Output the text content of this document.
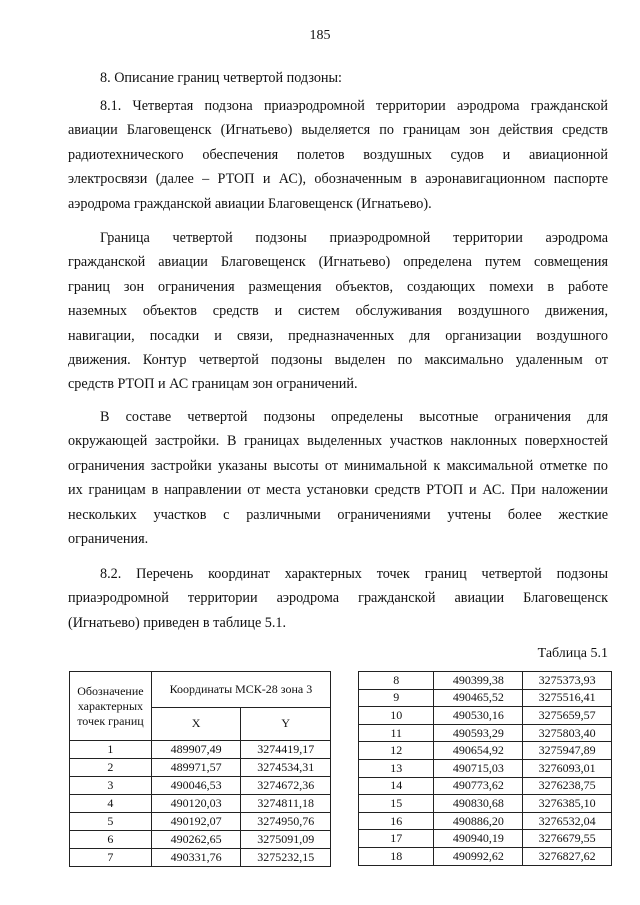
185
8. Описание границ четвертой подзоны:
8.1. Четвертая подзона приаэродромной территории аэродрома гражданской
авиации Благовещенск (Игнатьево) выделяется по границам зон действия средств
радиотехнического обеспечения полетов воздушных судов и авиационной
электросвязи (далее – РТОП и АС), обозначенным в аэронавигационном паспорте
аэродрома гражданской авиации Благовещенск (Игнатьево).
Граница четвертой подзоны приаэродромной территории аэродрома
гражданской авиации Благовещенск (Игнатьево) определена путем совмещения
границ зон ограничения размещения объектов, создающих помехи в работе
наземных объектов средств и систем обслуживания воздушного движения,
навигации, посадки и связи, предназначенных для организации воздушного
движения. Контур четвертой подзоны выделен по максимально удаленным от
средств РТОП и АС границам зон ограничений.
В составе четвертой подзоны определены высотные ограничения для
окружающей застройки. В границах выделенных участков наклонных поверхностей
ограничения застройки указаны высоты от минимальной к максимальной отметке по
их границам в направлении от места установки средств РТОП и АС. При наложении
нескольких участков с различными ограничениями учтены более жесткие
ограничения.
8.2. Перечень координат характерных точек границ четвертой подзоны
приаэродромной территории аэродрома гражданской авиации Благовещенск
(Игнатьево) приведен в таблице 5.1.
Таблица 5.1
Обозначение характерных точек границ	Координаты МСК-28 зона 3	
	X	Y
1	489907,49	3274419,17
2	489971,57	3274534,31
3	490046,53	3274672,36
4	490120,03	3274811,18
5	490192,07	3274950,76
6	490262,65	3275091,09
7	490331,76	3275232,15
8	490399,38	3275373,93
9	490465,52	3275516,41
10	490530,16	3275659,57
11	490593,29	3275803,40
12	490654,92	3275947,89
13	490715,03	3276093,01
14	490773,62	3276238,75
15	490830,68	3276385,10
16	490886,20	3276532,04
17	490940,19	3276679,55
18	490992,62	3276827,62
